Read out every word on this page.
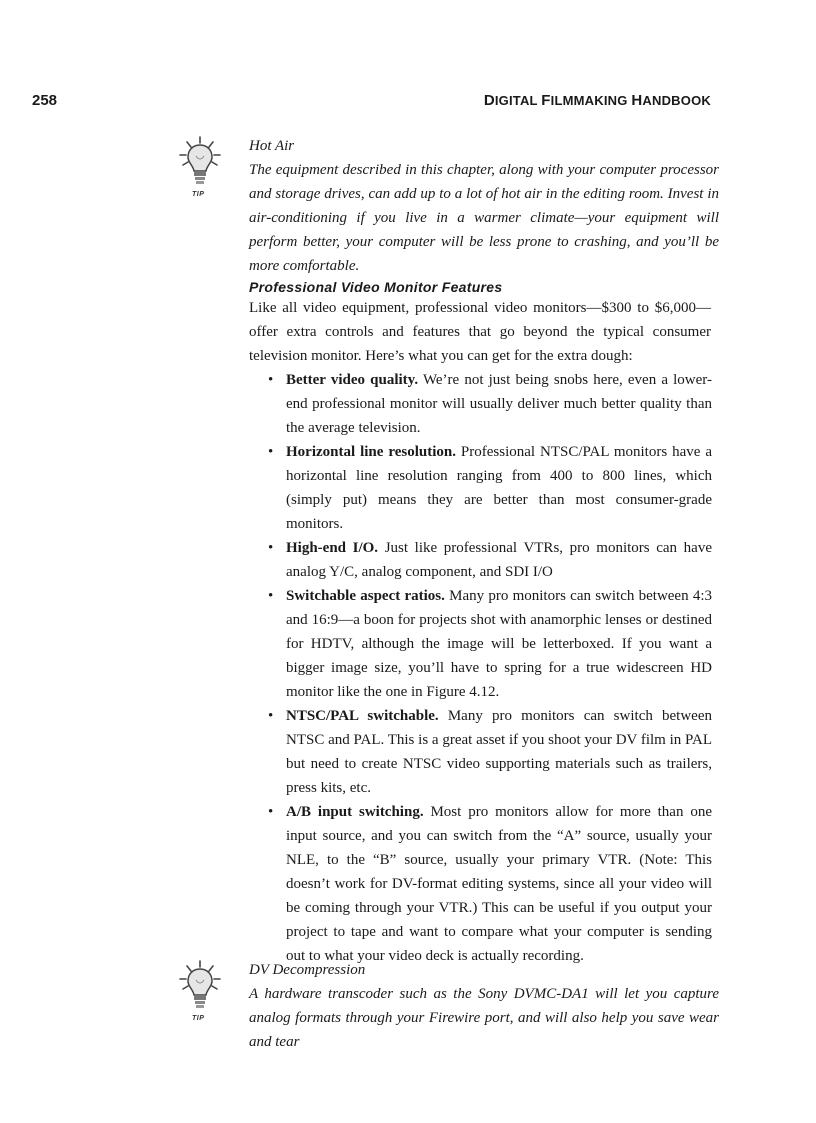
258	DIGITAL FILMMAKING HANDBOOK
TIP

Hot Air

The equipment described in this chapter, along with your computer processor and storage drives, can add up to a lot of hot air in the editing room. Invest in air-conditioning if you live in a warmer climate—your equipment will perform better, your computer will be less prone to crashing, and you’ll be more comfortable.

Professional Video Monitor Features

Like all video equipment, professional video monitors—$300 to $6,000—offer extra controls and features that go beyond the typical consumer television monitor. Here’s what you can get for the extra dough:

• Better video quality. We’re not just being snobs here, even a lower-end professional monitor will usually deliver much better quality than the average television.
• Horizontal line resolution. Professional NTSC/PAL monitors have a horizontal line resolution ranging from 400 to 800 lines, which (simply put) means they are better than most consumer-grade monitors.
• High-end I/O. Just like professional VTRs, pro monitors can have analog Y/C, analog component, and SDI I/O
• Switchable aspect ratios. Many pro monitors can switch between 4:3 and 16:9—a boon for projects shot with anamorphic lenses or destined for HDTV, although the image will be letterboxed. If you want a bigger image size, you’ll have to spring for a true widescreen HD monitor like the one in Figure 4.12.
• NTSC/PAL switchable. Many pro monitors can switch between NTSC and PAL. This is a great asset if you shoot your DV film in PAL but need to create NTSC video supporting materials such as trailers, press kits, etc.
• A/B input switching. Most pro monitors allow for more than one input source, and you can switch from the “A” source, usually your NLE, to the “B” source, usually your primary VTR. (Note: This doesn’t work for DV-format editing systems, since all your video will be coming through your VTR.) This can be useful if you output your project to tape and want to compare what your computer is sending out to what your video deck is actually recording.
TIP

DV Decompression

A hardware transcoder such as the Sony DVMC-DA1 will let you capture analog formats through your Firewire port, and will also help you save wear and tear
